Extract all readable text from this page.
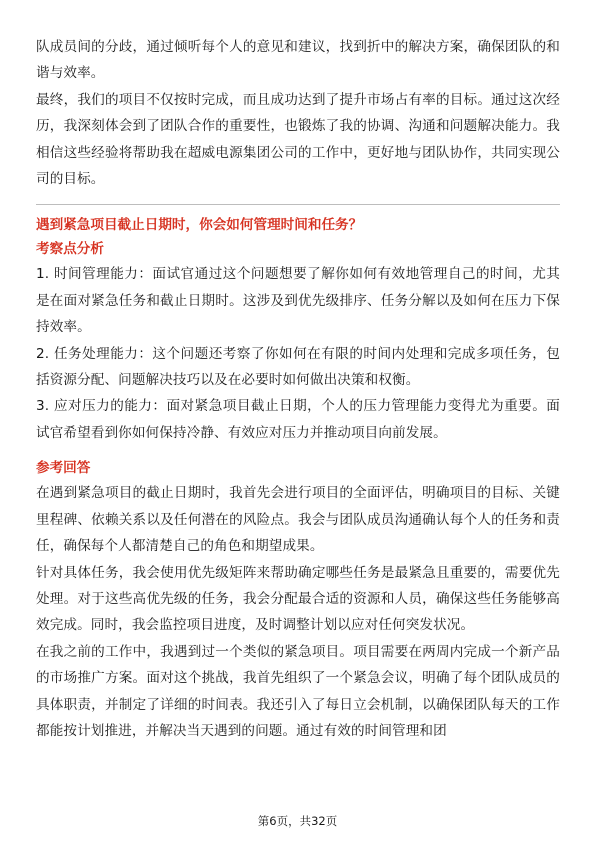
队成员间的分歧，通过倾听每个人的意见和建议，找到折中的解决方案，确保团队的和谐与效率。

最终，我们的项目不仅按时完成，而且成功达到了提升市场占有率的目标。通过这次经历，我深刻体会到了团队合作的重要性，也锻炼了我的协调、沟通和问题解决能力。我相信这些经验将帮助我在超威电源集团公司的工作中，更好地与团队协作，共同实现公司的目标。

遇到紧急项目截止日期时，你会如何管理时间和任务？

考察点分析

1. 时间管理能力：面试官通过这个问题想要了解你如何有效地管理自己的时间，尤其是在面对紧急任务和截止日期时。这涉及到优先级排序、任务分解以及如何在压力下保持效率。

2. 任务处理能力：这个问题还考察了你如何在有限的时间内处理和完成多项任务，包括资源分配、问题解决技巧以及在必要时如何做出决策和权衡。

3. 应对压力的能力：面对紧急项目截止日期，个人的压力管理能力变得尤为重要。面试官希望看到你如何保持冷静、有效应对压力并推动项目向前发展。

参考回答

在遇到紧急项目的截止日期时，我首先会进行项目的全面评估，明确项目的目标、关键里程碑、依赖关系以及任何潜在的风险点。我会与团队成员沟通确认每个人的任务和责任，确保每个人都清楚自己的角色和期望成果。

针对具体任务，我会使用优先级矩阵来帮助确定哪些任务是最紧急且重要的，需要优先处理。对于这些高优先级的任务，我会分配最合适的资源和人员，确保这些任务能够高效完成。同时，我会监控项目进度，及时调整计划以应对任何突发状况。

在我之前的工作中，我遇到过一个类似的紧急项目。项目需要在两周内完成一个新产品的市场推广方案。面对这个挑战，我首先组织了一个紧急会议，明确了每个团队成员的具体职责，并制定了详细的时间表。我还引入了每日立会机制，以确保团队每天的工作都能按计划推进，并解决当天遇到的问题。通过有效的时间管理和团

第6页，共32页
